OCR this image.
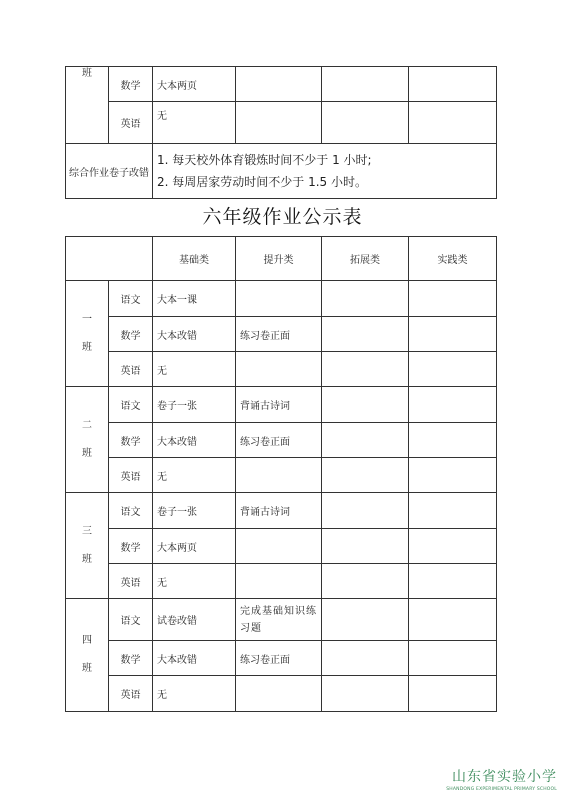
班	数学	大本两页			
	英语	无			
综合作业卷子改错		1. 每天校外体育锻炼时间不少于 1 小时;
2. 每周居家劳动时间不少于 1.5 小时。			
六年级作业公示表
		基础类	提升类	拓展类	实践类

一
班	语文	大本一课			
	数学	大本改错	练习卷正面		
	英语	无			

二
班	语文	卷子一张	背诵古诗词		
	数学	大本改错	练习卷正面		
	英语	无			

三
班	语文	卷子一张	背诵古诗词		
	数学	大本两页			
	英语	无			

四
班	语文	试卷改错	完成基础知识练习题		
	数学	大本改错	练习卷正面		
	英语	无			
山东省实验小学
SHANDONG EXPERIMENTAL PRIMARY SCHOOL
